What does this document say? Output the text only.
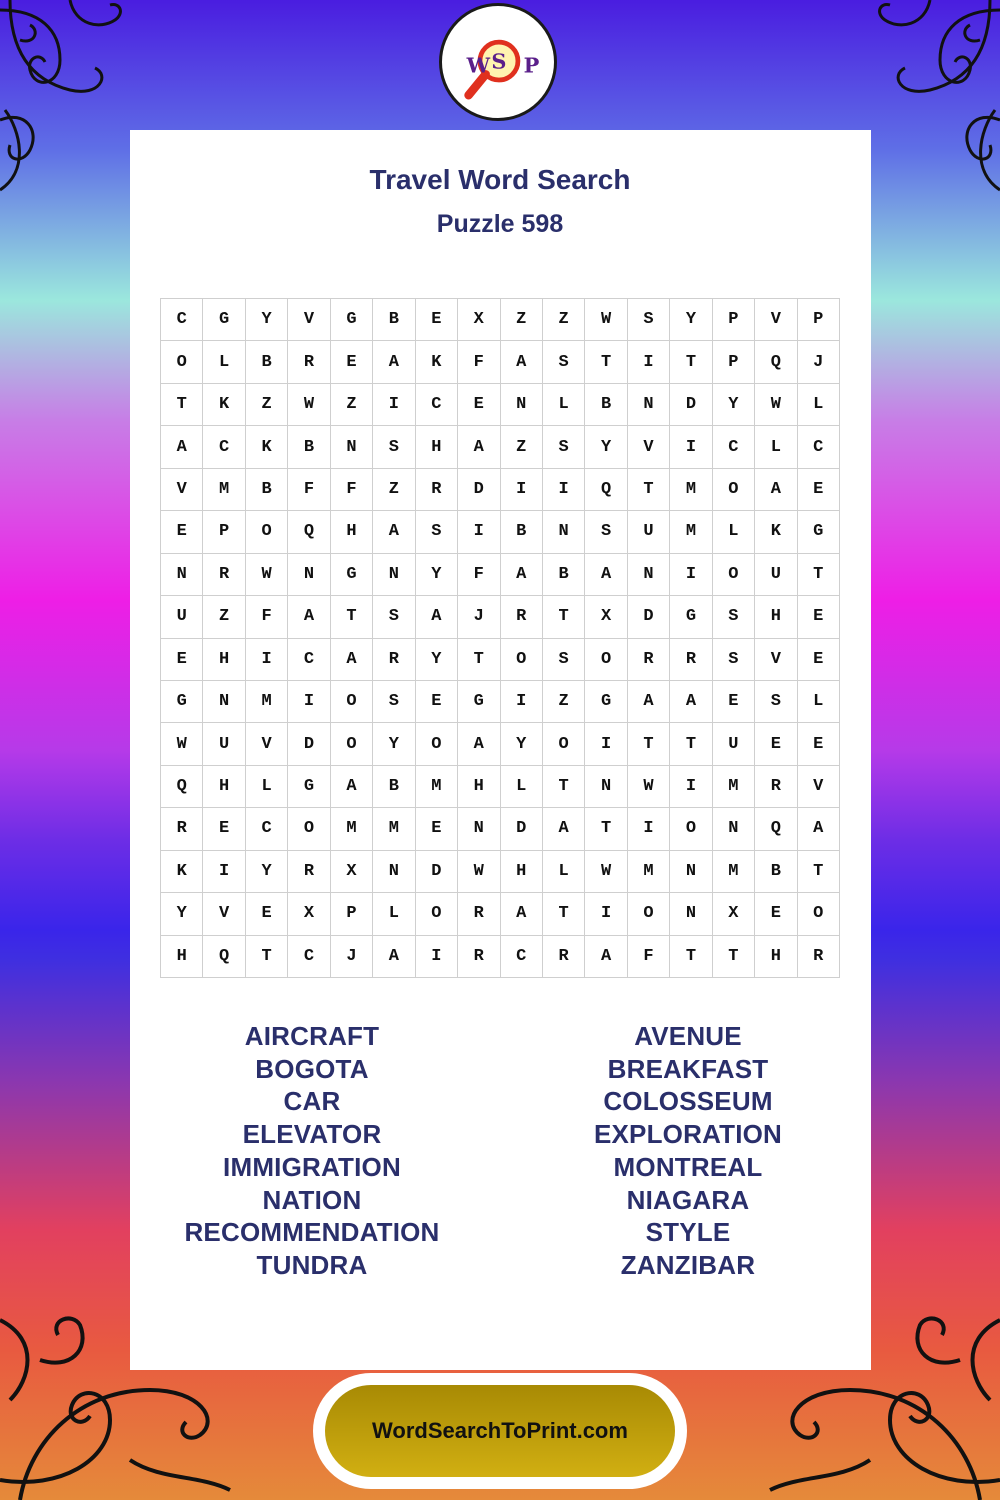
W S P
Travel Word Search
Puzzle 598
C	G	Y	V	G	B	E	X	Z	Z	W	S	Y	P	V	P
O	L	B	R	E	A	K	F	A	S	T	I	T	P	Q	J
T	K	Z	W	Z	I	C	E	N	L	B	N	D	Y	W	L
A	C	K	B	N	S	H	A	Z	S	Y	V	I	C	L	C
V	M	B	F	F	Z	R	D	I	I	Q	T	M	O	A	E
E	P	O	Q	H	A	S	I	B	N	S	U	M	L	K	G
N	R	W	N	G	N	Y	F	A	B	A	N	I	O	U	T
U	Z	F	A	T	S	A	J	R	T	X	D	G	S	H	E
E	H	I	C	A	R	Y	T	O	S	O	R	R	S	V	E
G	N	M	I	O	S	E	G	I	Z	G	A	A	E	S	L
W	U	V	D	O	Y	O	A	Y	O	I	T	T	U	E	E
Q	H	L	G	A	B	M	H	L	T	N	W	I	M	R	V
R	E	C	O	M	M	E	N	D	A	T	I	O	N	Q	A
K	I	Y	R	X	N	D	W	H	L	W	M	N	M	B	T
Y	V	E	X	P	L	O	R	A	T	I	O	N	X	E	O
H	Q	T	C	J	A	I	R	C	R	A	F	T	T	H	R
AIRCRAFT
BOGOTA
CAR
ELEVATOR
IMMIGRATION
NATION
RECOMMENDATION
TUNDRA
AVENUE
BREAKFAST
COLOSSEUM
EXPLORATION
MONTREAL
NIAGARA
STYLE
ZANZIBAR
WordSearchToPrint.com
